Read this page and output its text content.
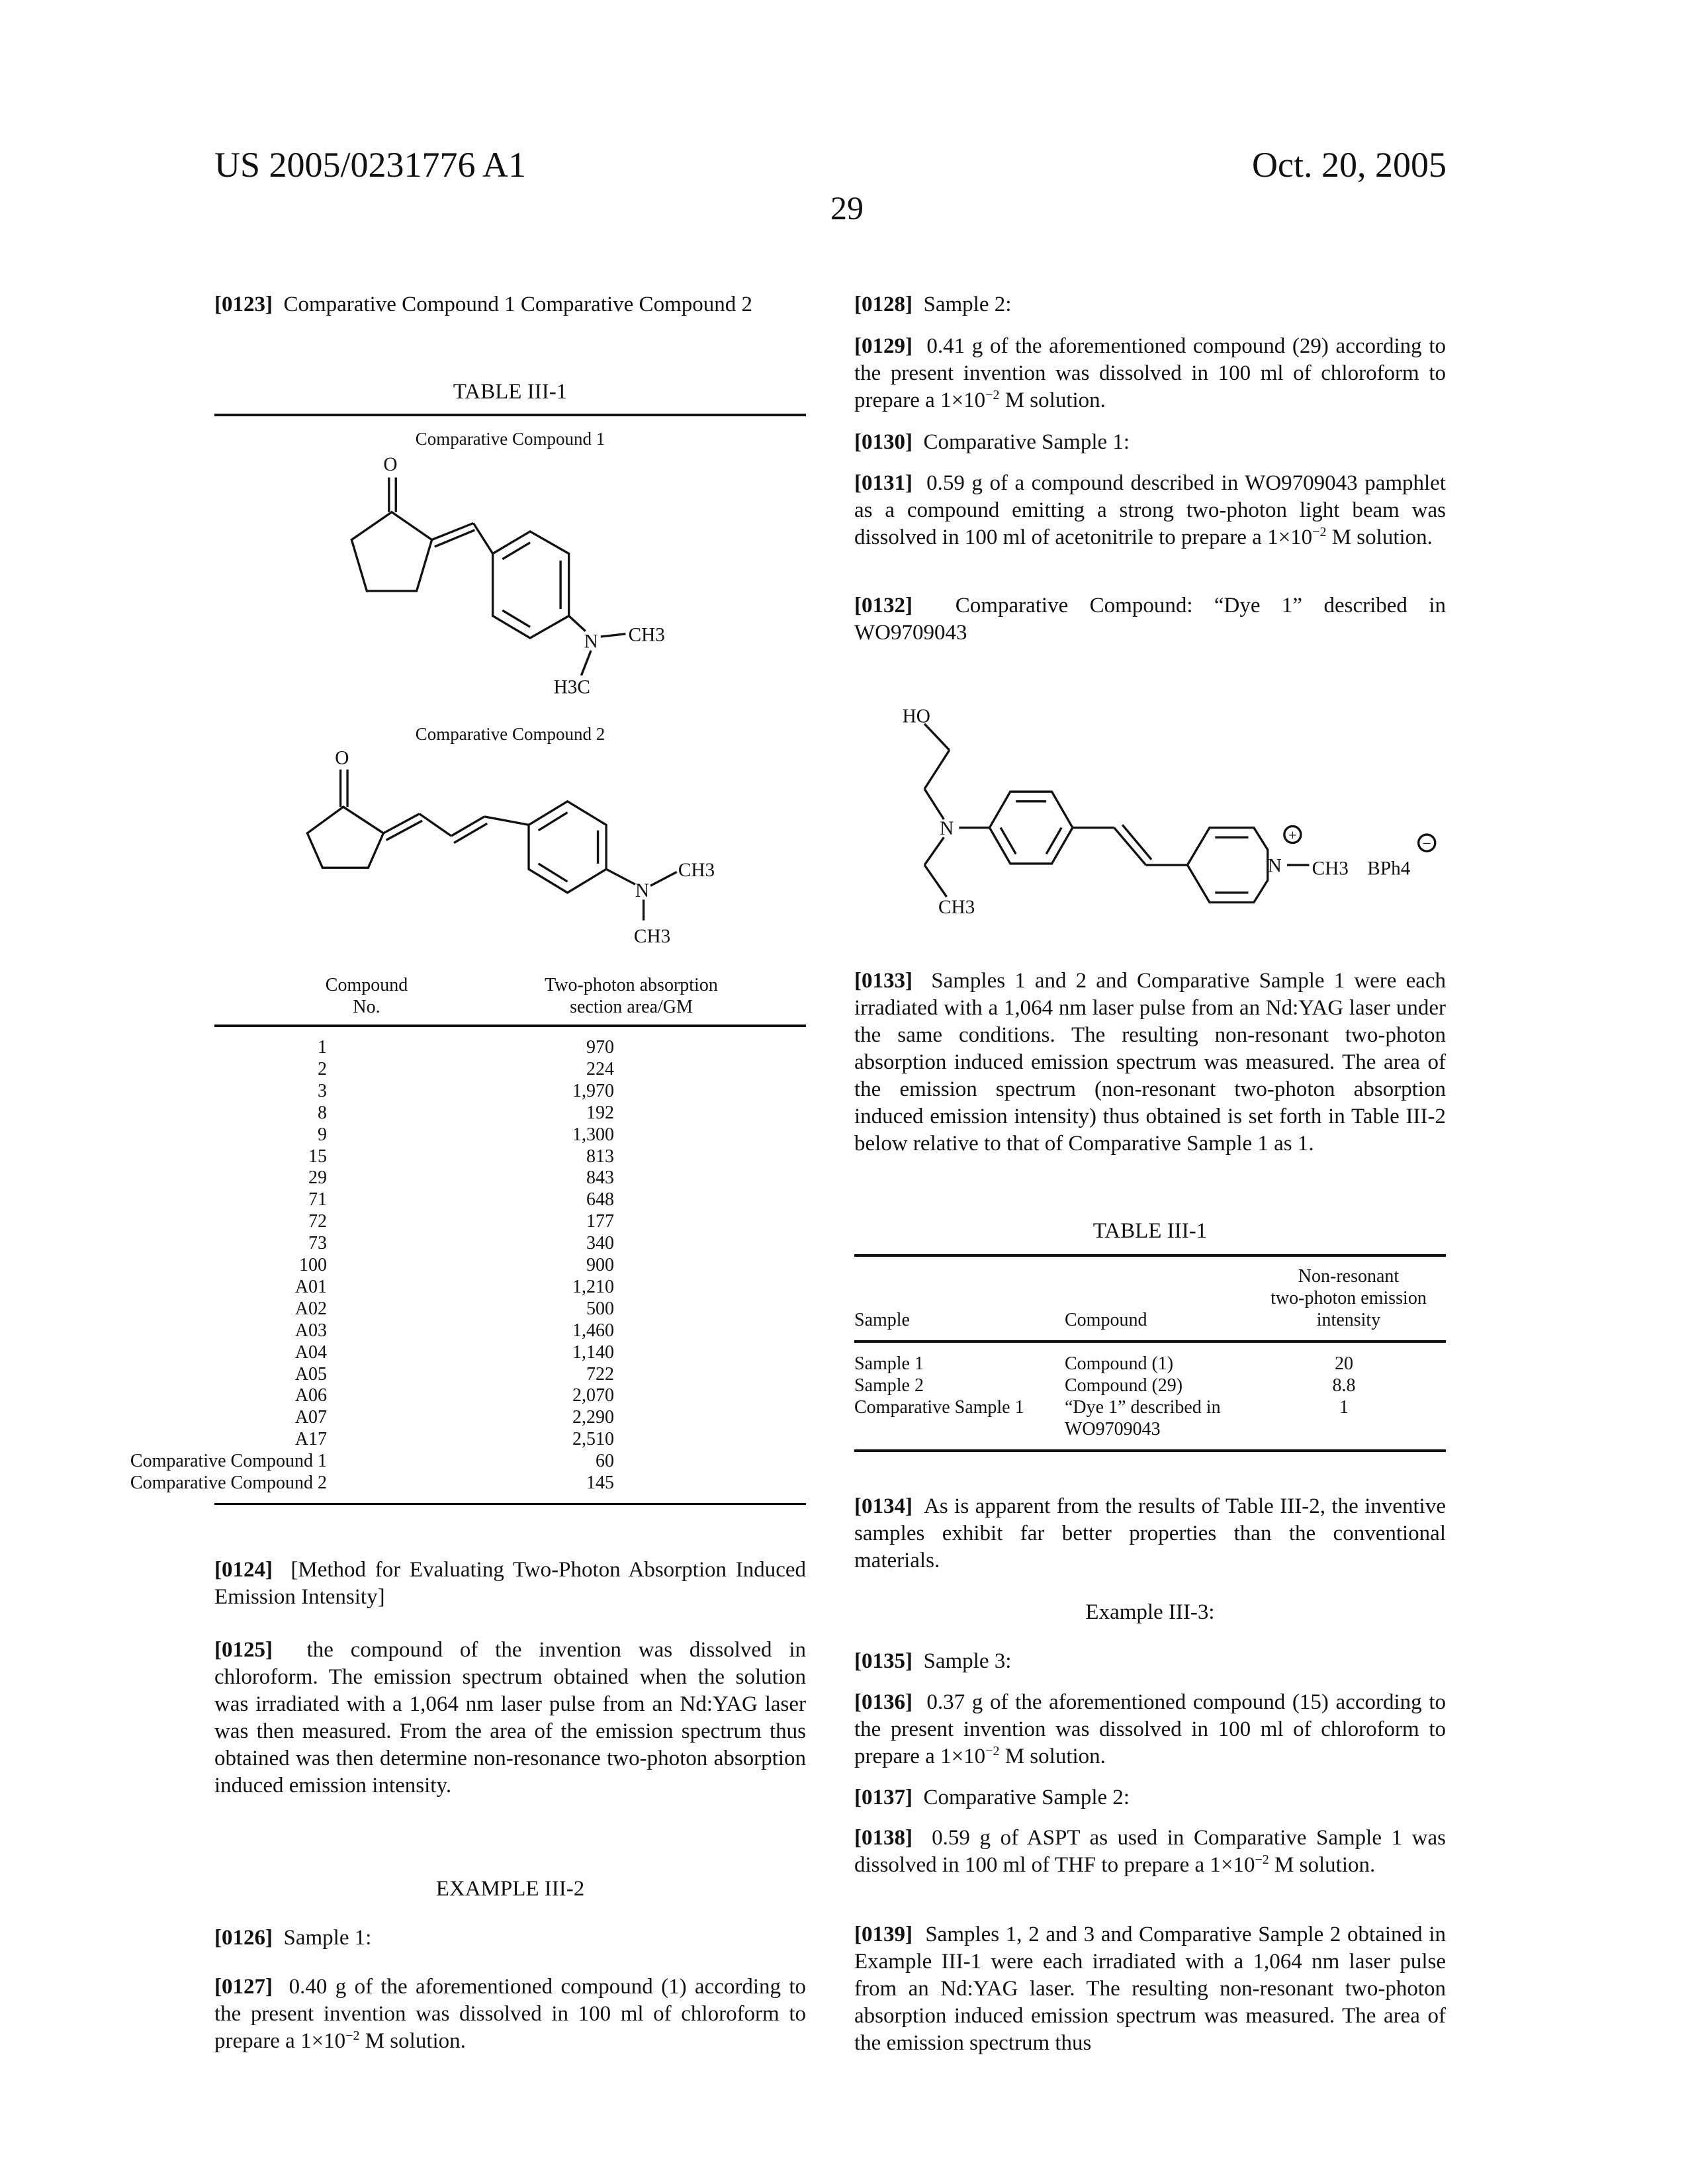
US 2005/0231776 A1	Oct. 20, 2005
29

[0123] Comparative Compound 1 Comparative Compound 2

TABLE III-1
Comparative Compound 1
Comparative Compound 2
Compound
No.
Two-photon absorption
section area/GM
1	970
2	224
3	1,970
8	192
9	1,300
15	813
29	843
71	648
72	177
73	340
100	900
A01	1,210
A02	500
A03	1,460
A04	1,140
A05	722
A06	2,070
A07	2,290
A17	2,510
Comparative Compound 1	60
Comparative Compound 2	145

[0124] [Method for Evaluating Two-Photon Absorption Induced Emission Intensity]

[0125] the compound of the invention was dissolved in chloroform. The emission spectrum obtained when the solution was irradiated with a 1,064 nm laser pulse from an Nd:YAG laser was then measured. From the area of the emission spectrum thus obtained was then determine non-resonance two-photon absorption induced emission intensity.

EXAMPLE III-2

[0126] Sample 1:

[0127] 0.40 g of the aforementioned compound (1) according to the present invention was dissolved in 100 ml of chloroform to prepare a 1×10−2 M solution.

[0128] Sample 2:

[0129] 0.41 g of the aforementioned compound (29) according to the present invention was dissolved in 100 ml of chloroform to prepare a 1×10−2 M solution.

[0130] Comparative Sample 1:

[0131] 0.59 g of a compound described in WO9709043 pamphlet as a compound emitting a strong two-photon light beam was dissolved in 100 ml of acetonitrile to prepare a 1×10−2 M solution.

[0132] Comparative Compound: “Dye 1” described in WO9709043

[0133] Samples 1 and 2 and Comparative Sample 1 were each irradiated with a 1,064 nm laser pulse from an Nd:YAG laser under the same conditions. The resulting non-resonant two-photon absorption induced emission spectrum was measured. The area of the emission spectrum (non-resonant two-photon absorption induced emission intensity) thus obtained is set forth in Table III-2 below relative to that of Comparative Sample 1 as 1.

TABLE III-1
Sample	Compound
Non-resonant
two-photon emission
intensity
Sample 1	Compound (1)	20
Sample 2	Compound (29)	8.8
Comparative Sample 1 “Dye 1” described in
WO9709043
1

[0134] As is apparent from the results of Table III-2, the inventive samples exhibit far better properties than the conventional materials.

Example III-3:

[0135] Sample 3:

[0136] 0.37 g of the aforementioned compound (15) according to the present invention was dissolved in 100 ml of chloroform to prepare a 1×10−2 M solution.

[0137] Comparative Sample 2:

[0138] 0.59 g of ASPT as used in Comparative Sample 1 was dissolved in 100 ml of THF to prepare a 1×10−2 M solution.

[0139] Samples 1, 2 and 3 and Comparative Sample 2 obtained in Example III-1 were each irradiated with a 1,064 nm laser pulse from an Nd:YAG laser. The resulting non-resonant two-photon absorption induced emission spectrum was measured. The area of the emission spectrum thus

O
N	CH3
H3C
O
N
CH3
CH3
HO
N
CH3
N
+
CH3 BPh4
−
